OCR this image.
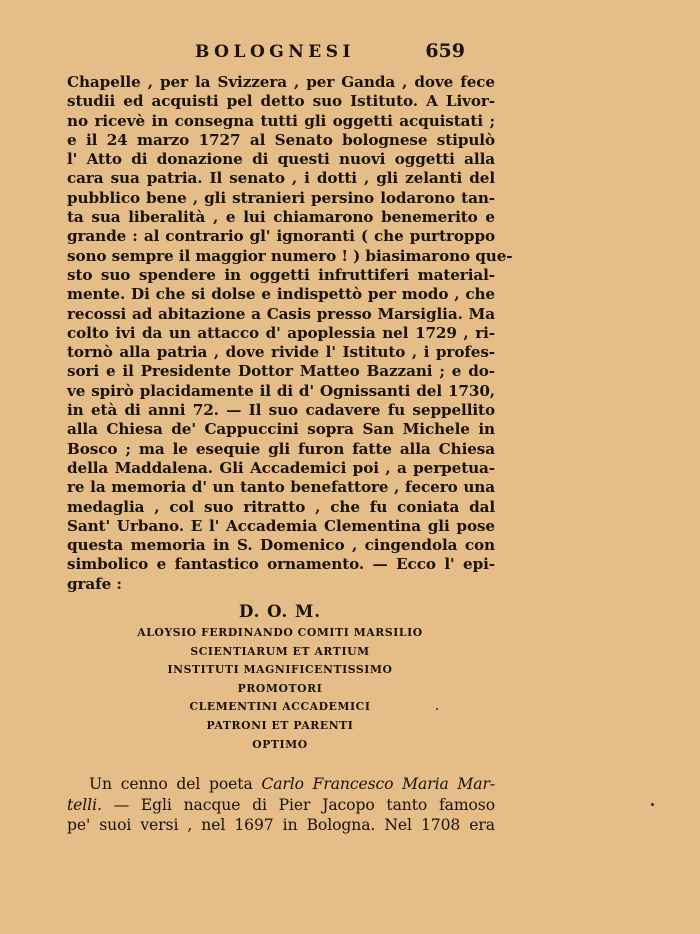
BOLOGNESI	659
Chapelle , per la Svizzera , per Ganda , dove fece
studii ed acquisti pel detto suo Istituto. A Livor-
no ricevè in consegna tutti gli oggetti acquistati ;
e il 24 marzo 1727 al Senato bolognese stipulò
l' Atto di donazione di questi nuovi oggetti alla
cara sua patria. Il senato , i dotti , gli zelanti del
pubblico bene , gli stranieri persino lodarono tan-
ta sua liberalità , e lui chiamarono benemerito e
grande : al contrario gl' ignoranti ( che purtroppo
sono sempre il maggior numero ! ) biasimarono que-
sto suo spendere in oggetti infruttiferi material-
mente. Di che si dolse e indispettò per modo , che
recossi ad abitazione a Casis presso Marsiglia. Ma
colto ivi da un attacco d' apoplessia nel 1729 , ri-
tornò alla patria , dove rivide l' Istituto , i profes-
sori e il Presidente Dottor Matteo Bazzani ; e do-
ve spirò placidamente il di d' Ognissanti del 1730,
in età di anni 72. — Il suo cadavere fu seppellito
alla Chiesa de' Cappuccini sopra San Michele in
Bosco ; ma le esequie gli furon fatte alla Chiesa
della Maddalena. Gli Accademici poi , a perpetua-
re la memoria d' un tanto benefattore , fecero una
medaglia , col suo ritratto , che fu coniata dal
Sant' Urbano. E l' Accademia Clementina gli pose
questa memoria in S. Domenico , cingendola con
simbolico e fantastico ornamento. — Ecco l' epi-
grafe :
D. O. M.
ALOYSIO FERDINANDO COMITI MARSILIO
SCIENTIARUM ET ARTIUM
INSTITUTI MAGNIFICENTISSIMO
PROMOTORI
CLEMENTINI ACCADEMICI
PATRONI ET PARENTI
OPTIMO
Un cenno del poeta Carlo Francesco Maria Mar-
telli. — Egli nacque di Pier Jacopo tanto famoso
pe' suoi versi , nel 1697 in Bologna. Nel 1708 era
